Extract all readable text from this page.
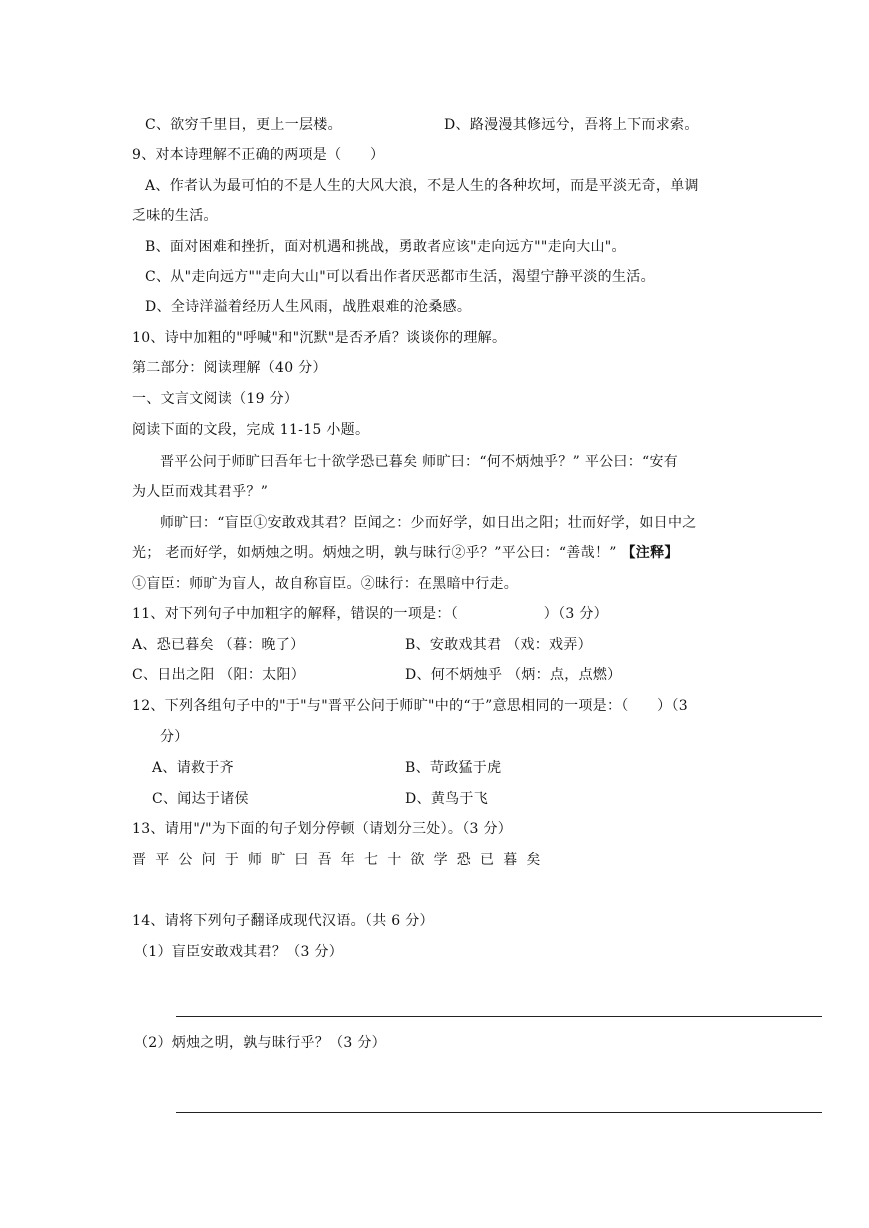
C、欲穷千里目，更上一层楼。	D、路漫漫其修远兮，吾将上下而求索。
9、对本诗理解不正确的两项是（　　）
A、作者认为最可怕的不是人生的大风大浪，不是人生的各种坎坷，而是平淡无奇，单调
乏味的生活。
B、面对困难和挫折，面对机遇和挑战，勇敢者应该"走向远方""走向大山"。
C、从"走向远方""走向大山"可以看出作者厌恶都市生活，渴望宁静平淡的生活。
D、全诗洋溢着经历人生风雨，战胜艰难的沧桑感。
10、诗中加粗的"呼喊"和"沉默"是否矛盾？谈谈你的理解。
第二部分：阅读理解（40 分）
一、文言文阅读（19 分）
阅读下面的文段，完成 11-15 小题。
晋平公问于师旷曰吾年七十欲学恐已暮矣 师旷曰：“何不炳烛乎？” 平公曰：“安有
为人臣而戏其君乎？”
师旷曰：“盲臣①安敢戏其君？臣闻之：少而好学，如日出之阳；壮而好学，如日中之
光； 老而好学，如炳烛之明。炳烛之明，孰与昧行②乎？”平公曰：“善哉！” 【注释】
①盲臣：师旷为盲人，故自称盲臣。②昧行：在黑暗中行走。
11、对下列句子中加粗字的解释，错误的一项是：（　　　　　　）（3 分）
A、恐已暮矣 （暮：晚了）	B、安敢戏其君 （戏：戏弄）
C、日出之阳 （阳：太阳）	D、何不炳烛乎 （炳：点，点燃）
12、下列各组句子中的"于"与"晋平公问于师旷"中的“于”意思相同的一项是：（　　）（3
分）
A、请救于齐	B、苛政猛于虎
C、闻达于诸侯	D、黄鸟于飞
13、请用"/"为下面的句子划分停顿（请划分三处）。（3 分）
晋平公问于师旷曰吾年七十欲学恐已暮矣
14、请将下列句子翻译成现代汉语。（共 6 分）
（1）盲臣安敢戏其君？（3 分）
（2）炳烛之明，孰与昧行乎？（3 分）
